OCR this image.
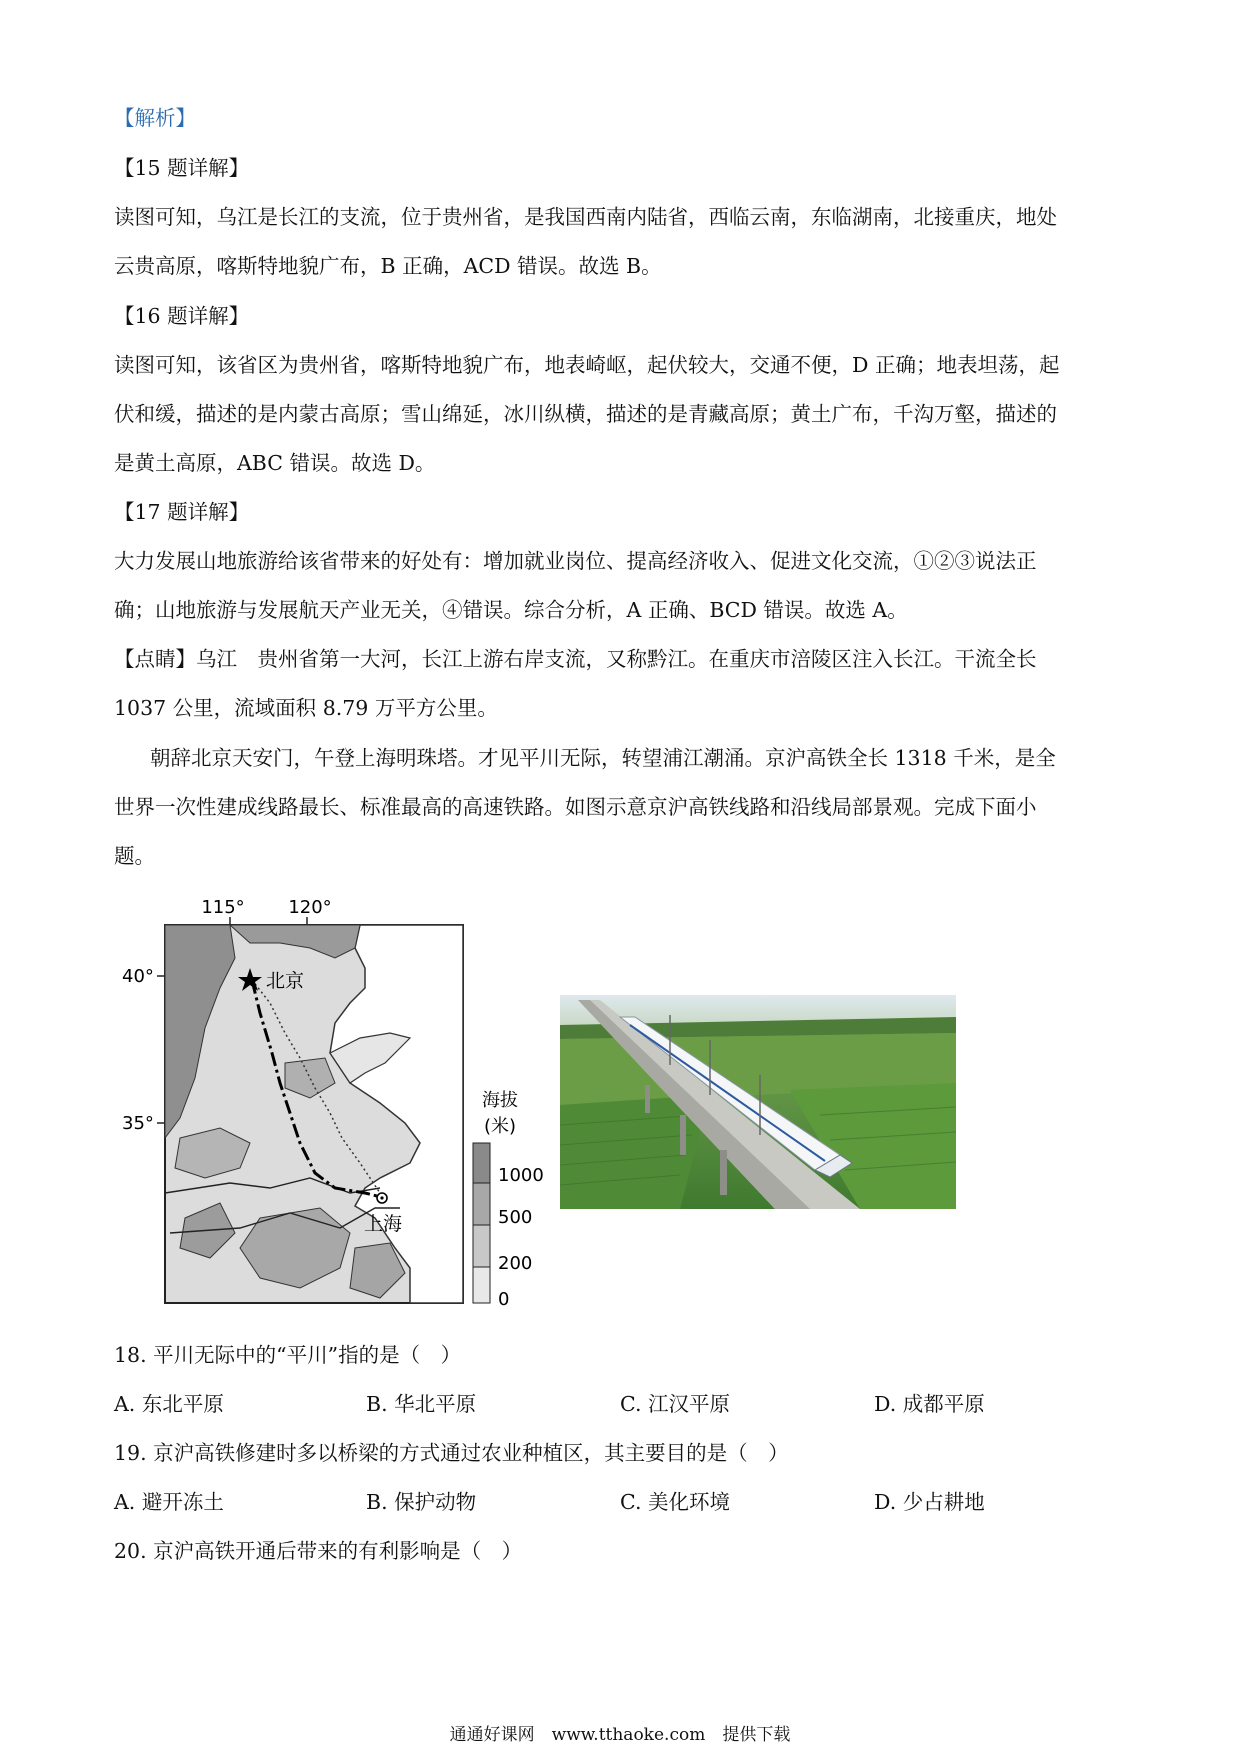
【解析】
【15 题详解】
读图可知，乌江是长江的支流，位于贵州省，是我国西南内陆省，西临云南，东临湖南，北接重庆，地处
云贵高原，喀斯特地貌广布，B 正确，ACD 错误。故选 B。
【16 题详解】
读图可知，该省区为贵州省，喀斯特地貌广布，地表崎岖，起伏较大，交通不便，D 正确；地表坦荡，起
伏和缓，描述的是内蒙古高原；雪山绵延，冰川纵横，描述的是青藏高原；黄土广布，千沟万壑，描述的
是黄土高原，ABC 错误。故选 D。
【17 题详解】
大力发展山地旅游给该省带来的好处有：增加就业岗位、提高经济收入、促进文化交流，①②③说法正
确；山地旅游与发展航天产业无关，④错误。综合分析，A 正确、BCD 错误。故选 A。
【点睛】乌江　贵州省第一大河，长江上游右岸支流，又称黔江。在重庆市涪陵区注入长江。干流全长
1037 公里，流域面积 8.79 万平方公里。
朝辞北京天安门，午登上海明珠塔。才见平川无际，转望浦江潮涌。京沪高铁全长 1318 千米，是全
世界一次性建成线路最长、标准最高的高速铁路。如图示意京沪高铁线路和沿线局部景观。完成下面小
题。
115° 120°
40°
35°
北京
上海
海拔
(米)
1000
500
200
0
18. 平川无际中的“平川”指的是（　）
A. 东北平原	B. 华北平原	C. 江汉平原	D. 成都平原
19. 京沪高铁修建时多以桥梁的方式通过农业种植区，其主要目的是（　）
A. 避开冻土	B. 保护动物	C. 美化环境	D. 少占耕地
20. 京沪高铁开通后带来的有利影响是（　）
通通好课网　www.tthaoke.com　提供下载
